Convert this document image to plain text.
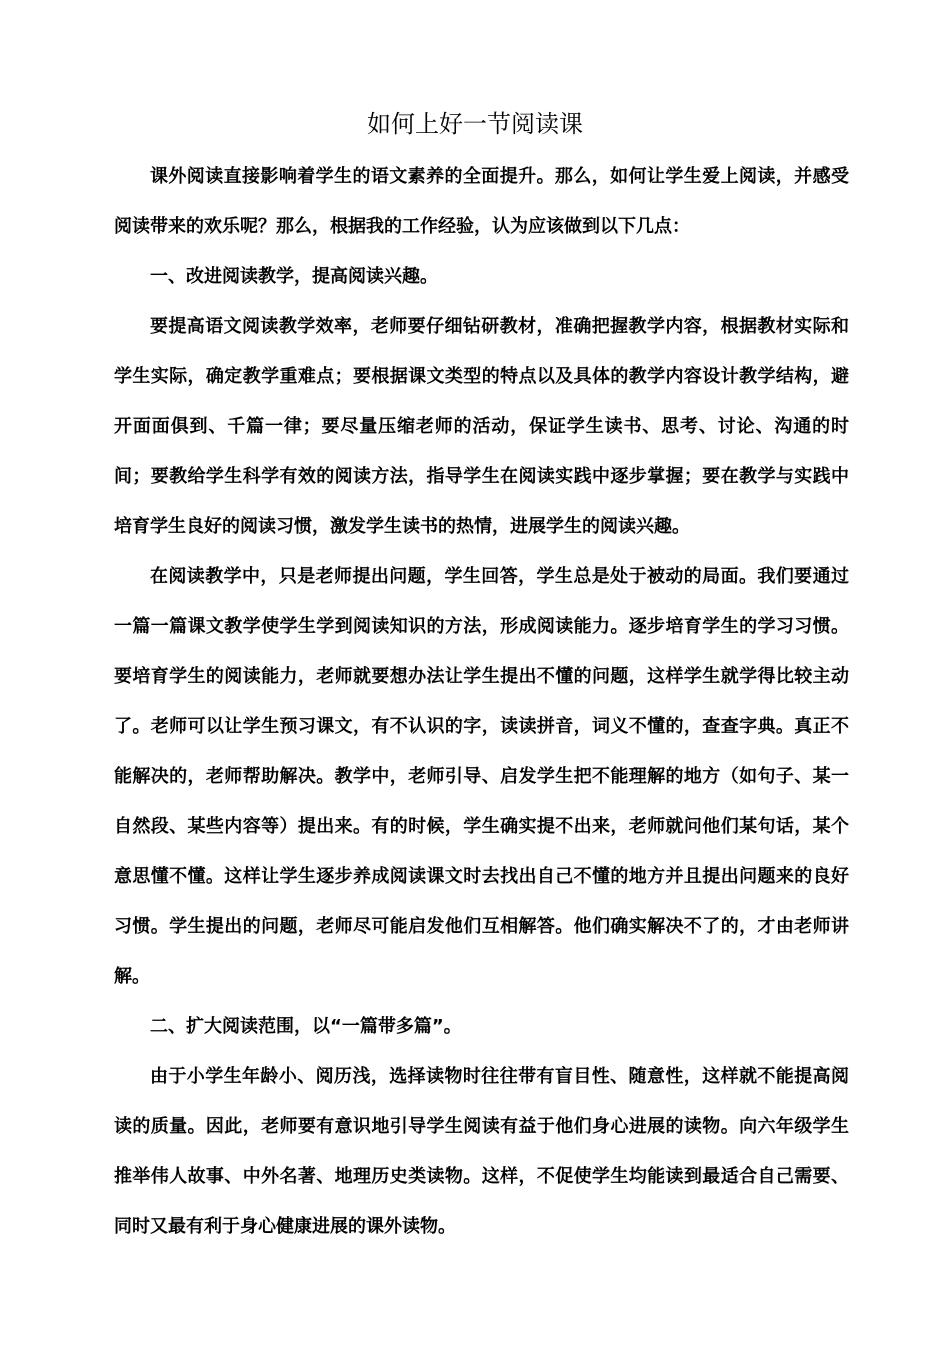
如何上好一节阅读课

课外阅读直接影响着学生的语文素养的全面提升。那么，如何让学生爱上阅读，并感受阅读带来的欢乐呢？那么，根据我的工作经验，认为应该做到以下几点：

一、改进阅读教学，提高阅读兴趣。

要提高语文阅读教学效率，老师要仔细钻研教材，准确把握教学内容，根据教材实际和学生实际，确定教学重难点；要根据课文类型的特点以及具体的教学内容设计教学结构，避开面面俱到、千篇一律；要尽量压缩老师的活动，保证学生读书、思考、讨论、沟通的时间；要教给学生科学有效的阅读方法，指导学生在阅读实践中逐步掌握；要在教学与实践中培育学生良好的阅读习惯，激发学生读书的热情，进展学生的阅读兴趣。

在阅读教学中，只是老师提出问题，学生回答，学生总是处于被动的局面。我们要通过一篇一篇课文教学使学生学到阅读知识的方法，形成阅读能力。逐步培育学生的学习习惯。要培育学生的阅读能力，老师就要想办法让学生提出不懂的问题，这样学生就学得比较主动了。老师可以让学生预习课文，有不认识的字，读读拼音，词义不懂的，查查字典。真正不能解决的，老师帮助解决。教学中，老师引导、启发学生把不能理解的地方（如句子、某一自然段、某些内容等）提出来。有的时候，学生确实提不出来，老师就问他们某句话，某个意思懂不懂。这样让学生逐步养成阅读课文时去找出自己不懂的地方并且提出问题来的良好习惯。学生提出的问题，老师尽可能启发他们互相解答。他们确实解决不了的，才由老师讲解。

二、扩大阅读范围，以“一篇带多篇”。

由于小学生年龄小、阅历浅，选择读物时往往带有盲目性、随意性，这样就不能提高阅读的质量。因此，老师要有意识地引导学生阅读有益于他们身心进展的读物。向六年级学生推举伟人故事、中外名著、地理历史类读物。这样，不促使学生均能读到最适合自己需要、同时又最有利于身心健康进展的课外读物。
